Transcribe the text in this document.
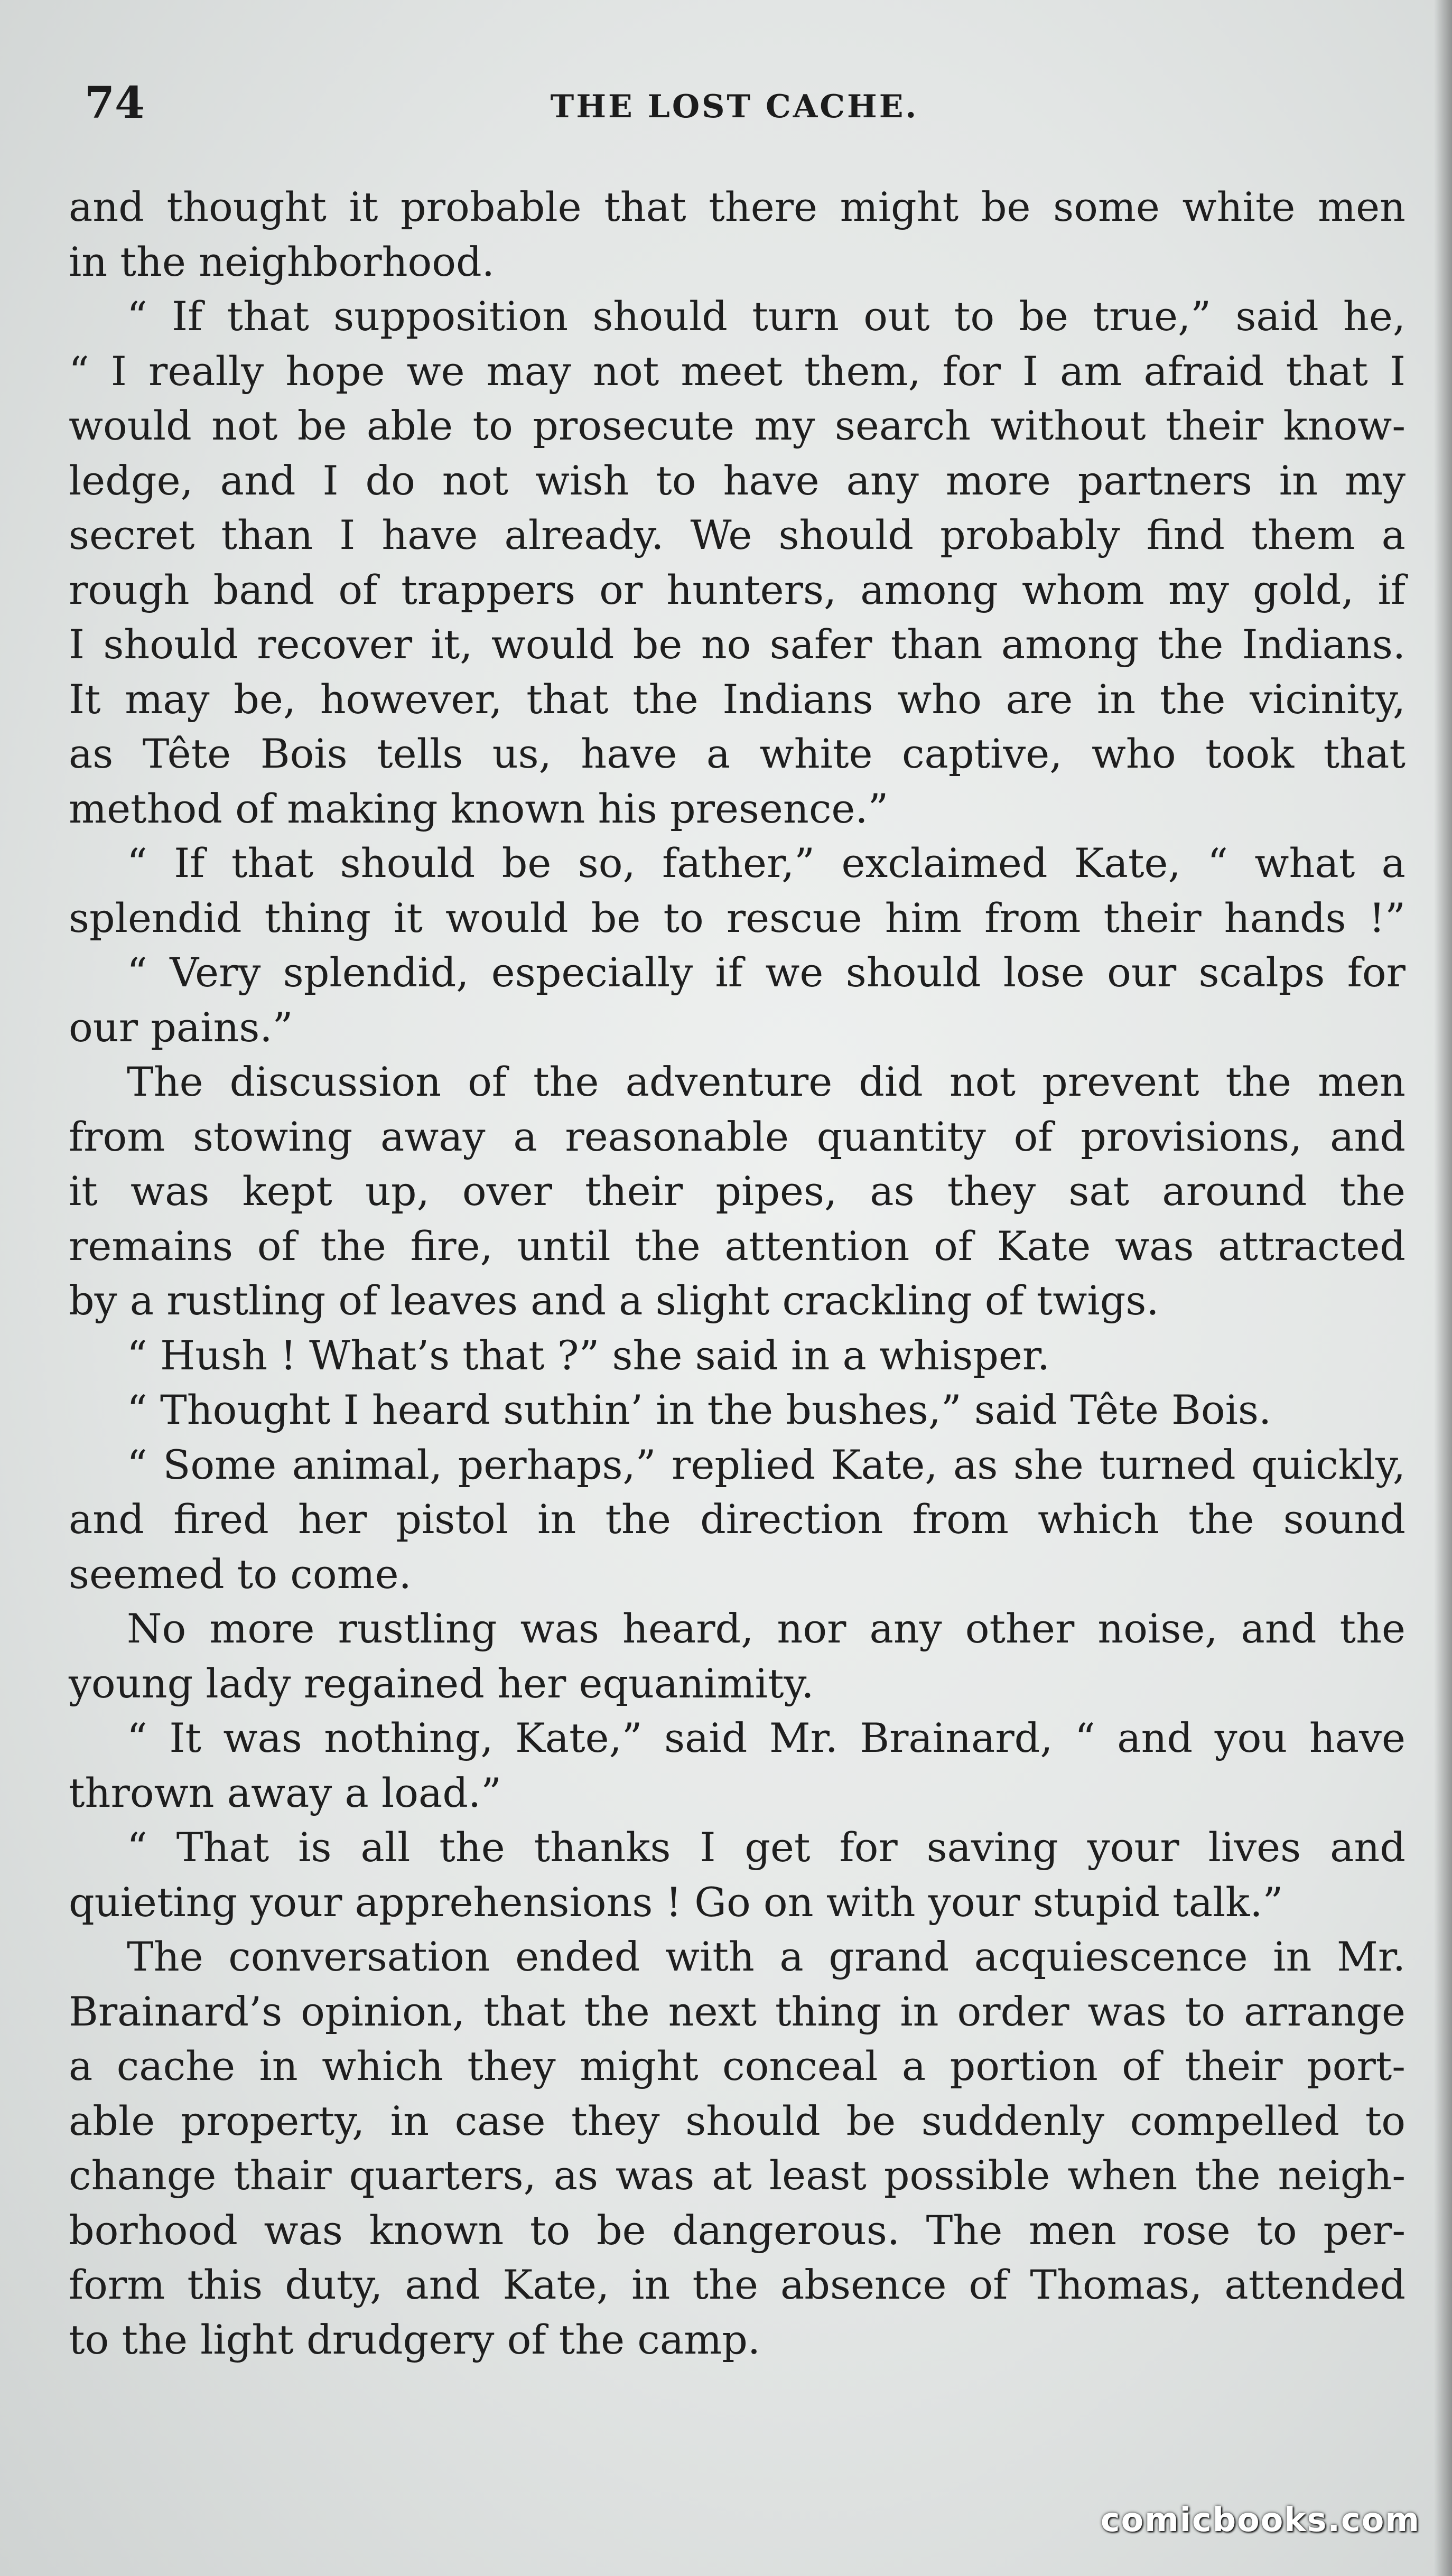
74	THE LOST CACHE.
and thought it probable that there might be some white men
in the neighborhood.
“ If that supposition should turn out to be true,” said he,
“ I really hope we may not meet them, for I am afraid that I
would not be able to prosecute my search without their know-
ledge, and I do not wish to have any more partners in my
secret than I have already. We should probably find them a
rough band of trappers or hunters, among whom my gold, if
I should recover it, would be no safer than among the Indians.
It may be, however, that the Indians who are in the vicinity,
as Tête Bois tells us, have a white captive, who took that
method of making known his presence.”
“ If that should be so, father,” exclaimed Kate, “ what a
splendid thing it would be to rescue him from their hands !”
“ Very splendid, especially if we should lose our scalps for
our pains.”
The discussion of the adventure did not prevent the men
from stowing away a reasonable quantity of provisions, and
it was kept up, over their pipes, as they sat around the
remains of the fire, until the attention of Kate was attracted
by a rustling of leaves and a slight crackling of twigs.
“ Hush ! What’s that ?” she said in a whisper.
“ Thought I heard suthin’ in the bushes,” said Tête Bois.
“ Some animal, perhaps,” replied Kate, as she turned quickly,
and fired her pistol in the direction from which the sound
seemed to come.
No more rustling was heard, nor any other noise, and the
young lady regained her equanimity.
“ It was nothing, Kate,” said Mr. Brainard, “ and you have
thrown away a load.”
“ That is all the thanks I get for saving your lives and
quieting your apprehensions ! Go on with your stupid talk.”
The conversation ended with a grand acquiescence in Mr.
Brainard’s opinion, that the next thing in order was to arrange
a cache in which they might conceal a portion of their port-
able property, in case they should be suddenly compelled to
change thair quarters, as was at least possible when the neigh-
borhood was known to be dangerous. The men rose to per-
form this duty, and Kate, in the absence of Thomas, attended
to the light drudgery of the camp.
comicbooks.com
